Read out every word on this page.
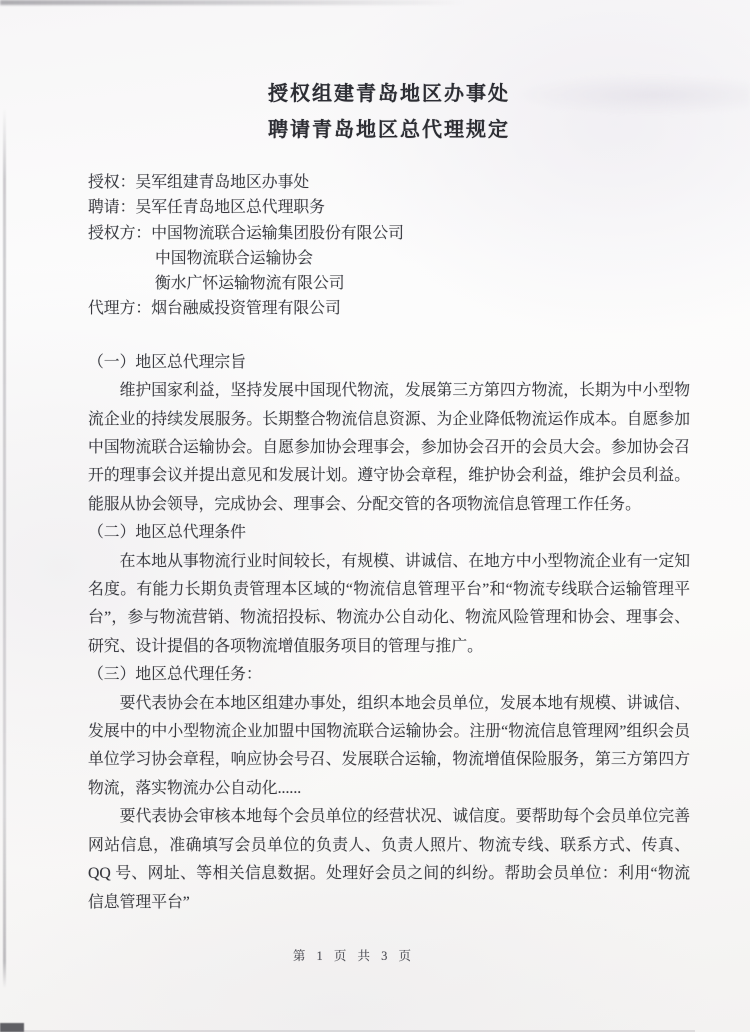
授权组建青岛地区办事处
聘请青岛地区总代理规定
授权：吴军组建青岛地区办事处
聘请：吴军任青岛地区总代理职务
授权方：中国物流联合运输集团股份有限公司
中国物流联合运输协会
衡水广怀运输物流有限公司
代理方：烟台融威投资管理有限公司
（一）地区总代理宗旨

维护国家利益，坚持发展中国现代物流，发展第三方第四方物流，长期为中小型物流企业的持续发展服务。长期整合物流信息资源、为企业降低物流运作成本。自愿参加中国物流联合运输协会。自愿参加协会理事会，参加协会召开的会员大会。参加协会召开的理事会议并提出意见和发展计划。遵守协会章程，维护协会利益，维护会员利益。能服从协会领导，完成协会、理事会、分配交管的各项物流信息管理工作任务。

（二）地区总代理条件

在本地从事物流行业时间较长，有规模、讲诚信、在地方中小型物流企业有一定知名度。有能力长期负责管理本区域的“物流信息管理平台”和“物流专线联合运输管理平台”，参与物流营销、物流招投标、物流办公自动化、物流风险管理和协会、理事会、研究、设计提倡的各项物流增值服务项目的管理与推广。

（三）地区总代理任务：

要代表协会在本地区组建办事处，组织本地会员单位，发展本地有规模、讲诚信、发展中的中小型物流企业加盟中国物流联合运输协会。注册“物流信息管理网”组织会员单位学习协会章程，响应协会号召、发展联合运输，物流增值保险服务，第三方第四方物流，落实物流办公自动化......

要代表协会审核本地每个会员单位的经营状况、诚信度。要帮助每个会员单位完善网站信息，准确填写会员单位的负责人、负责人照片、物流专线、联系方式、传真、QQ 号、网址、等相关信息数据。处理好会员之间的纠纷。帮助会员单位：利用“物流信息管理平台”

第 1 页 共 3 页
